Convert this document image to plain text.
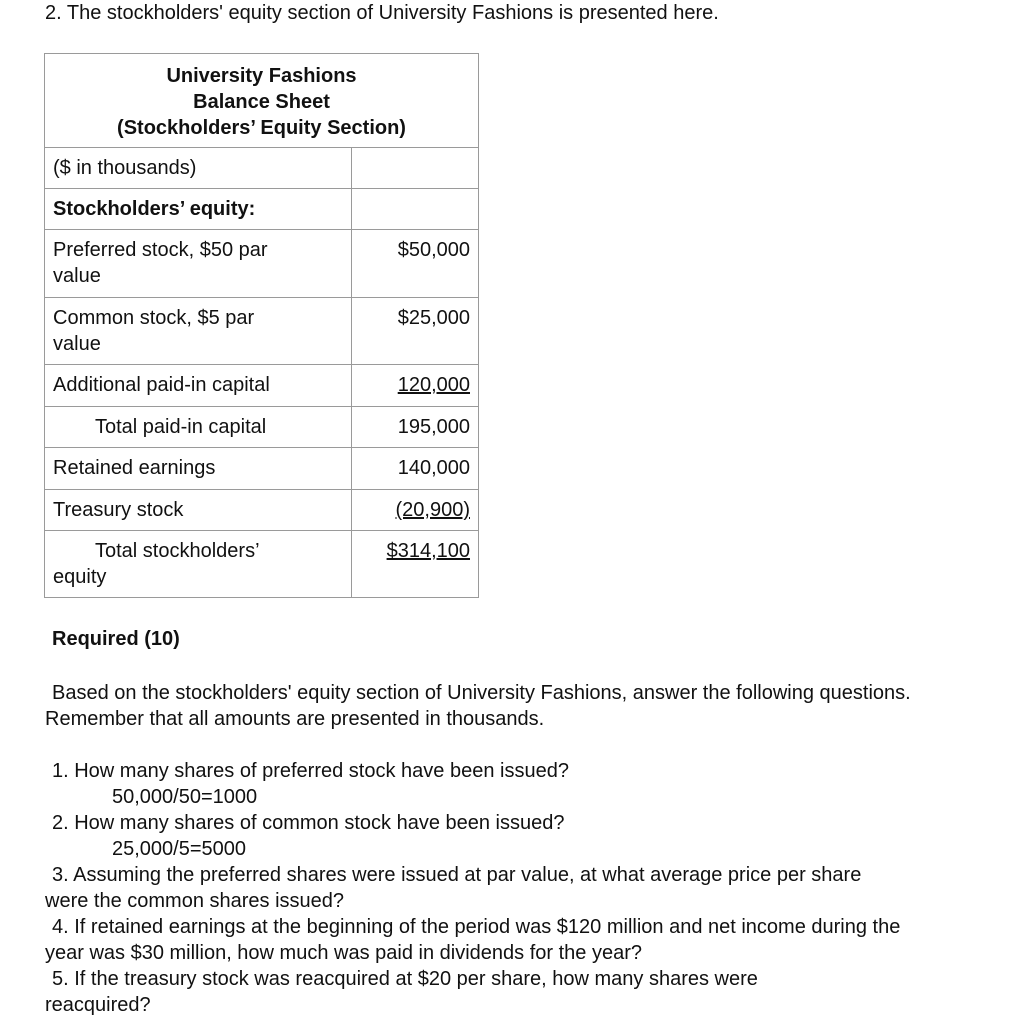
2. The stockholders' equity section of University Fashions is presented here.
University Fashions
Balance Sheet
(Stockholders’ Equity Section)	

($ in thousands)	
Stockholders’ equity:	
Preferred stock, $50 par value	$50,000
Common stock, $5 par value	$25,000
Additional paid-in capital	120,000
Total paid-in capital	195,000
Retained earnings	140,000
Treasury stock	(20,900)

Total stockholders’ equity	$314,100
Required (10)
Based on the stockholders' equity section of University Fashions, answer the following questions. Remember that all amounts are presented in thousands.
1. How many shares of preferred stock have been issued?
50,000/50=1000
2. How many shares of common stock have been issued?
25,000/5=5000
3. Assuming the preferred shares were issued at par value, at what average price per share were the common shares issued?
4. If retained earnings at the beginning of the period was $120 million and net income during the year was $30 million, how much was paid in dividends for the year?
5. If the treasury stock was reacquired at $20 per share, how many shares were reacquired?
